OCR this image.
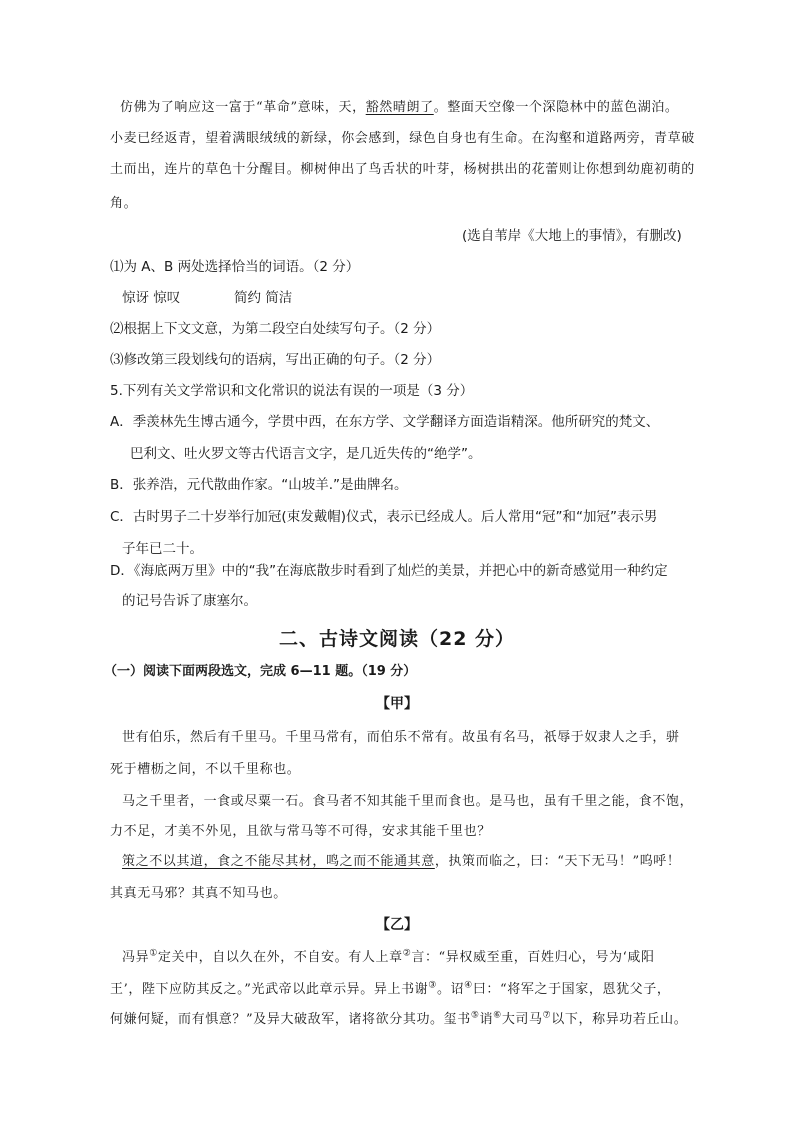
仿佛为了响应这一富于“革命”意味，天，豁然晴朗了。整面天空像一个深隐林中的蓝色湖泊。
小麦已经返青，望着满眼绒绒的新绿，你会感到，绿色自身也有生命。在沟壑和道路两旁，青草破
土而出，连片的草色十分醒目。柳树伸出了鸟舌状的叶芽，杨树拱出的花蕾则让你想到幼鹿初萌的
角。
(选自苇岸《大地上的事情》，有删改)
⑴为 A、B 两处选择恰当的词语。（2 分）
惊讶 惊叹	简约 简洁
⑵根据上下文文意，为第二段空白处续写句子。（2 分）
⑶修改第三段划线句的语病，写出正确的句子。（2 分）
5.下列有关文学常识和文化常识的说法有误的一项是（3 分）
A．季羡林先生博古通今，学贯中西，在东方学、文学翻译方面造诣精深。他所研究的梵文、
巴利文、吐火罗文等古代语言文字，是几近失传的“绝学”。
B．张养浩，元代散曲作家。“山坡羊.”是曲牌名。
C．古时男子二十岁举行加冠(束发戴帽)仪式，表示已经成人。后人常用“冠”和“加冠”表示男
子年已二十。
D．《海底两万里》中的“我”在海底散步时看到了灿烂的美景，并把心中的新奇感觉用一种约定
的记号告诉了康塞尔。
二、古诗文阅读（22 分）
（一）阅读下面两段选文，完成 6—11 题。（19 分）
【甲】
世有伯乐，然后有千里马。千里马常有，而伯乐不常有。故虽有名马，祇辱于奴隶人之手，骈
死于槽枥之间，不以千里称也。
马之千里者，一食或尽粟一石。食马者不知其能千里而食也。是马也，虽有千里之能，食不饱，
力不足，才美不外见，且欲与常马等不可得，安求其能千里也？
策之不以其道，食之不能尽其材，鸣之而不能通其意，执策而临之，曰：“天下无马！”呜呼！
其真无马邪？其真不知马也。
【乙】
冯异①定关中，自以久在外，不自安。有人上章②言：“异权威至重，百姓归心，号为‘咸阳
王’，陛下应防其反之。”光武帝以此章示异。异上书谢③。诏④曰：“将军之于国家，恩犹父子，
何嫌何疑，而有惧意？”及异大破敌军，诸将欲分其功。玺书⑤诮⑥大司马⑦以下，称异功若丘山。
